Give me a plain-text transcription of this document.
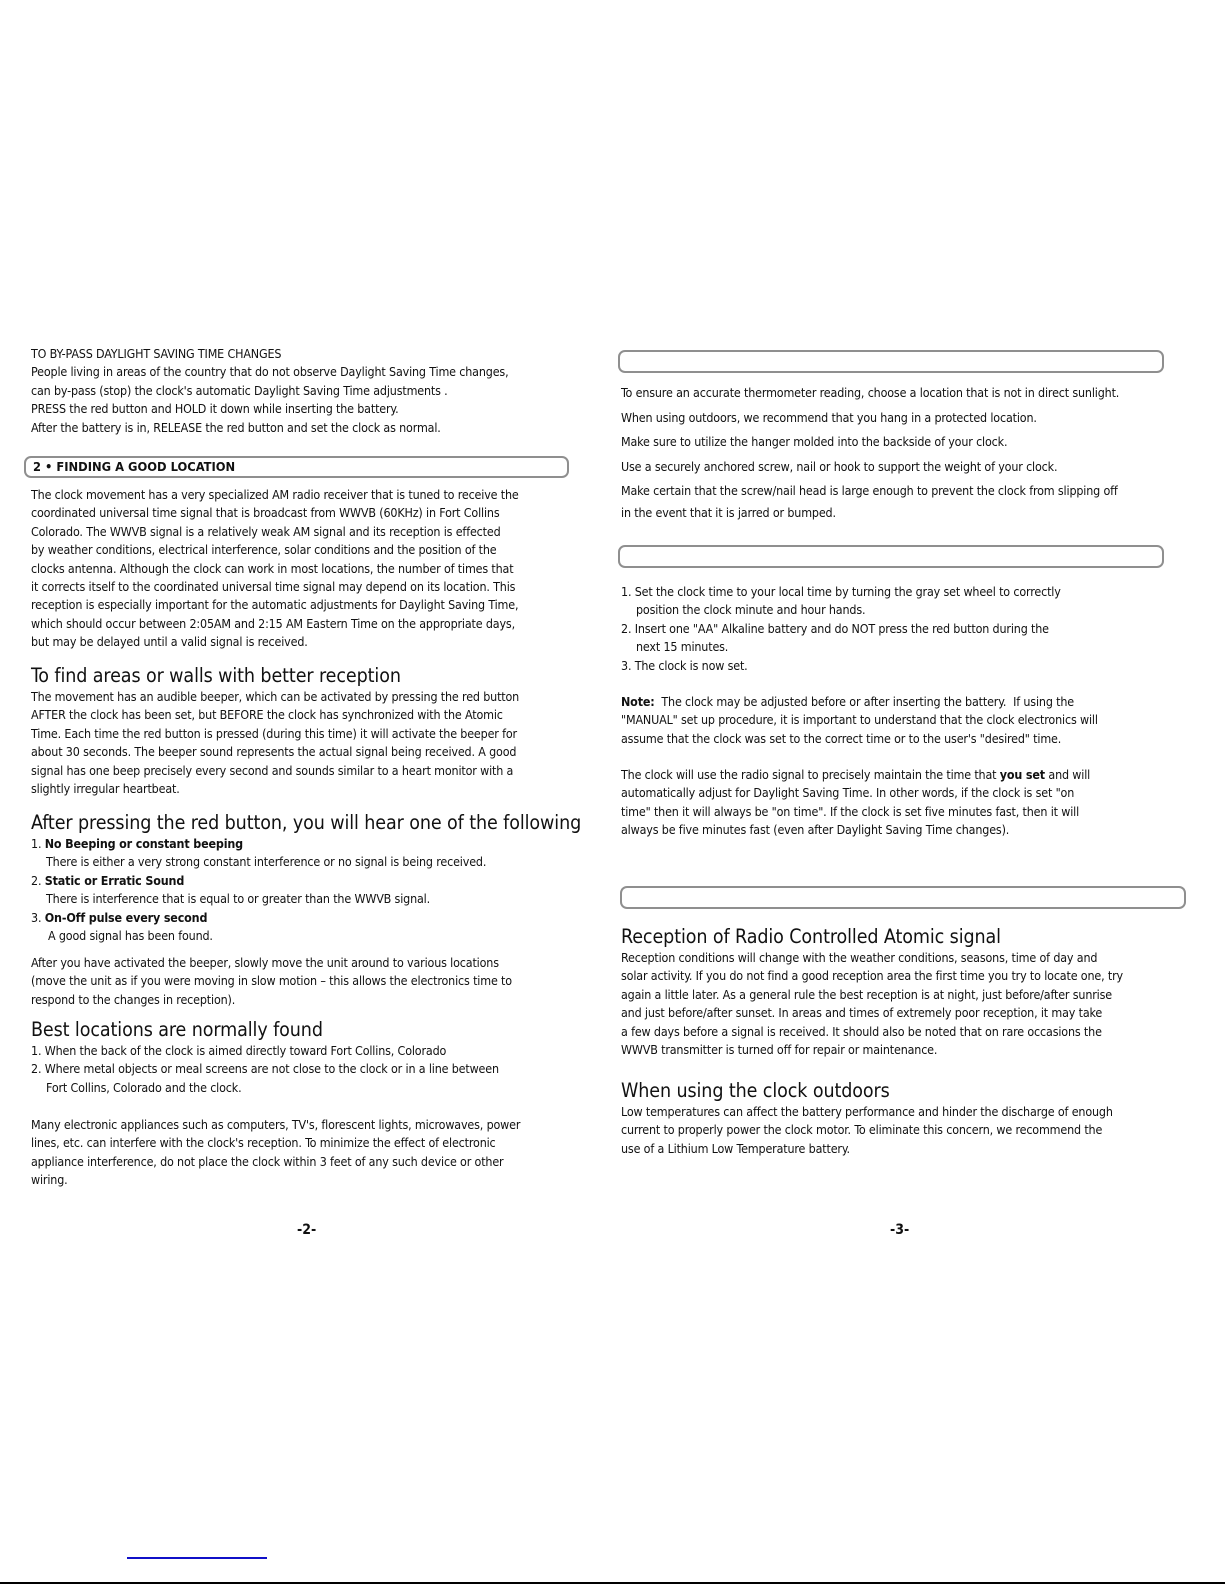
TO BY-PASS DAYLIGHT SAVING TIME CHANGES

People living in areas of the country that do not observe Daylight Saving Time changes,

can by-pass (stop) the clock's automatic Daylight Saving Time adjustments .

PRESS the red button and HOLD it down while inserting the battery.

After the battery is in, RELEASE the red button and set the clock as normal.

2 • FINDING A GOOD LOCATION

The clock movement has a very specialized AM radio receiver that is tuned to receive the

coordinated universal time signal that is broadcast from WWVB (60KHz) in Fort Collins

Colorado. The WWVB signal is a relatively weak AM signal and its reception is effected

by weather conditions, electrical interference, solar conditions and the position of the

clocks antenna. Although the clock can work in most locations, the number of times that

it corrects itself to the coordinated universal time signal may depend on its location. This

reception is especially important for the automatic adjustments for Daylight Saving Time,

which should occur between 2:05AM and 2:15 AM Eastern Time on the appropriate days,

but may be delayed until a valid signal is received.

To find areas or walls with better reception

The movement has an audible beeper, which can be activated by pressing the red button

AFTER the clock has been set, but BEFORE the clock has synchronized with the Atomic

Time. Each time the red button is pressed (during this time) it will activate the beeper for

about 30 seconds. The beeper sound represents the actual signal being received. A good

signal has one beep precisely every second and sounds similar to a heart monitor with a

slightly irregular heartbeat.

After pressing the red button, you will hear one of the following

1. No Beeping or constant beeping

There is either a very strong constant interference or no signal is being received.

2. Static or Erratic Sound

There is interference that is equal to or greater than the WWVB signal.

3. On-Off pulse every second

A good signal has been found.

After you have activated the beeper, slowly move the unit around to various locations

(move the unit as if you were moving in slow motion – this allows the electronics time to

respond to the changes in reception).

Best locations are normally found

1. When the back of the clock is aimed directly toward Fort Collins, Colorado

2. Where metal objects or meal screens are not close to the clock or in a line between

Fort Collins, Colorado and the clock.

Many electronic appliances such as computers, TV's, florescent lights, microwaves, power

lines, etc. can interfere with the clock's reception. To minimize the effect of electronic

appliance interference, do not place the clock within 3 feet of any such device or other

wiring.

-2-

To ensure an accurate thermometer reading, choose a location that is not in direct sunlight.

When using outdoors, we recommend that you hang in a protected location.

Make sure to utilize the hanger molded into the backside of your clock.

Use a securely anchored screw, nail or hook to support the weight of your clock.

Make certain that the screw/nail head is large enough to prevent the clock from slipping off

in the event that it is jarred or bumped.

1. Set the clock time to your local time by turning the gray set wheel to correctly

position the clock minute and hour hands.

2. Insert one "AA" Alkaline battery and do NOT press the red button during the

next 15 minutes.

3. The clock is now set.

Note:  The clock may be adjusted before or after inserting the battery.  If using the

"MANUAL" set up procedure, it is important to understand that the clock electronics will

assume that the clock was set to the correct time or to the user's "desired" time.

The clock will use the radio signal to precisely maintain the time that you set and will

automatically adjust for Daylight Saving Time. In other words, if the clock is set "on

time" then it will always be "on time". If the clock is set five minutes fast, then it will

always be five minutes fast (even after Daylight Saving Time changes).

Reception of Radio Controlled Atomic signal

Reception conditions will change with the weather conditions, seasons, time of day and

solar activity. If you do not find a good reception area the first time you try to locate one, try

again a little later. As a general rule the best reception is at night, just before/after sunrise

and just before/after sunset. In areas and times of extremely poor reception, it may take

a few days before a signal is received. It should also be noted that on rare occasions the

WWVB transmitter is turned off for repair or maintenance.

When using the clock outdoors

Low temperatures can affect the battery performance and hinder the discharge of enough

current to properly power the clock motor. To eliminate this concern, we recommend the

use of a Lithium Low Temperature battery.

-3-
